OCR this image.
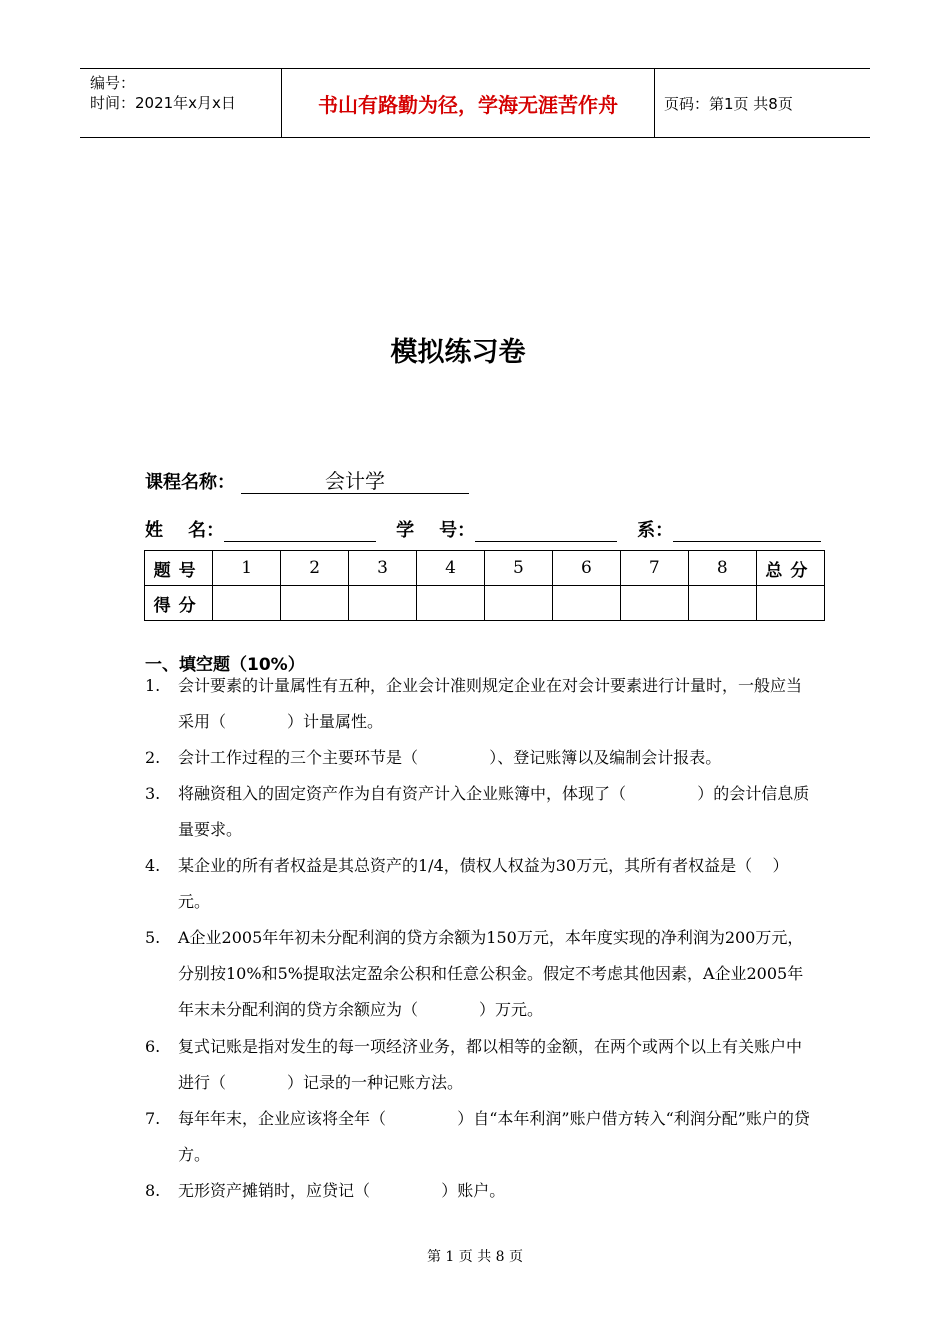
编号：
时间：2021年x月x日	书山有路勤为径，学海无涯苦作舟	页码：第1页 共8页
模拟练习卷
课程名称：	会计学
姓    名：	学    号：	系：
题号	1	2	3	4	5	6	7	8	总分
得分									
一、填空题（10%）
1. 会计要素的计量属性有五种，企业会计准则规定企业在对会计要素进行计量时，一般应当采用（            ）计量属性。
2. 会计工作过程的三个主要环节是（              ）、登记账簿以及编制会计报表。
3. 将融资租入的固定资产作为自有资产计入企业账簿中，体现了（              ）的会计信息质量要求。
4. 某企业的所有者权益是其总资产的1/4，债权人权益为30万元，其所有者权益是（    ）元。
5. A企业2005年年初未分配利润的贷方余额为150万元，本年度实现的净利润为200万元，分别按10%和5%提取法定盈余公积和任意公积金。假定不考虑其他因素，A企业2005年年末未分配利润的贷方余额应为（            ）万元。
6. 复式记账是指对发生的每一项经济业务，都以相等的金额，在两个或两个以上有关账户中进行（            ）记录的一种记账方法。
7. 每年年末，企业应该将全年（              ）自“本年利润”账户借方转入“利润分配”账户的贷方。
8. 无形资产摊销时，应贷记（              ）账户。
第 1 页 共 8 页
